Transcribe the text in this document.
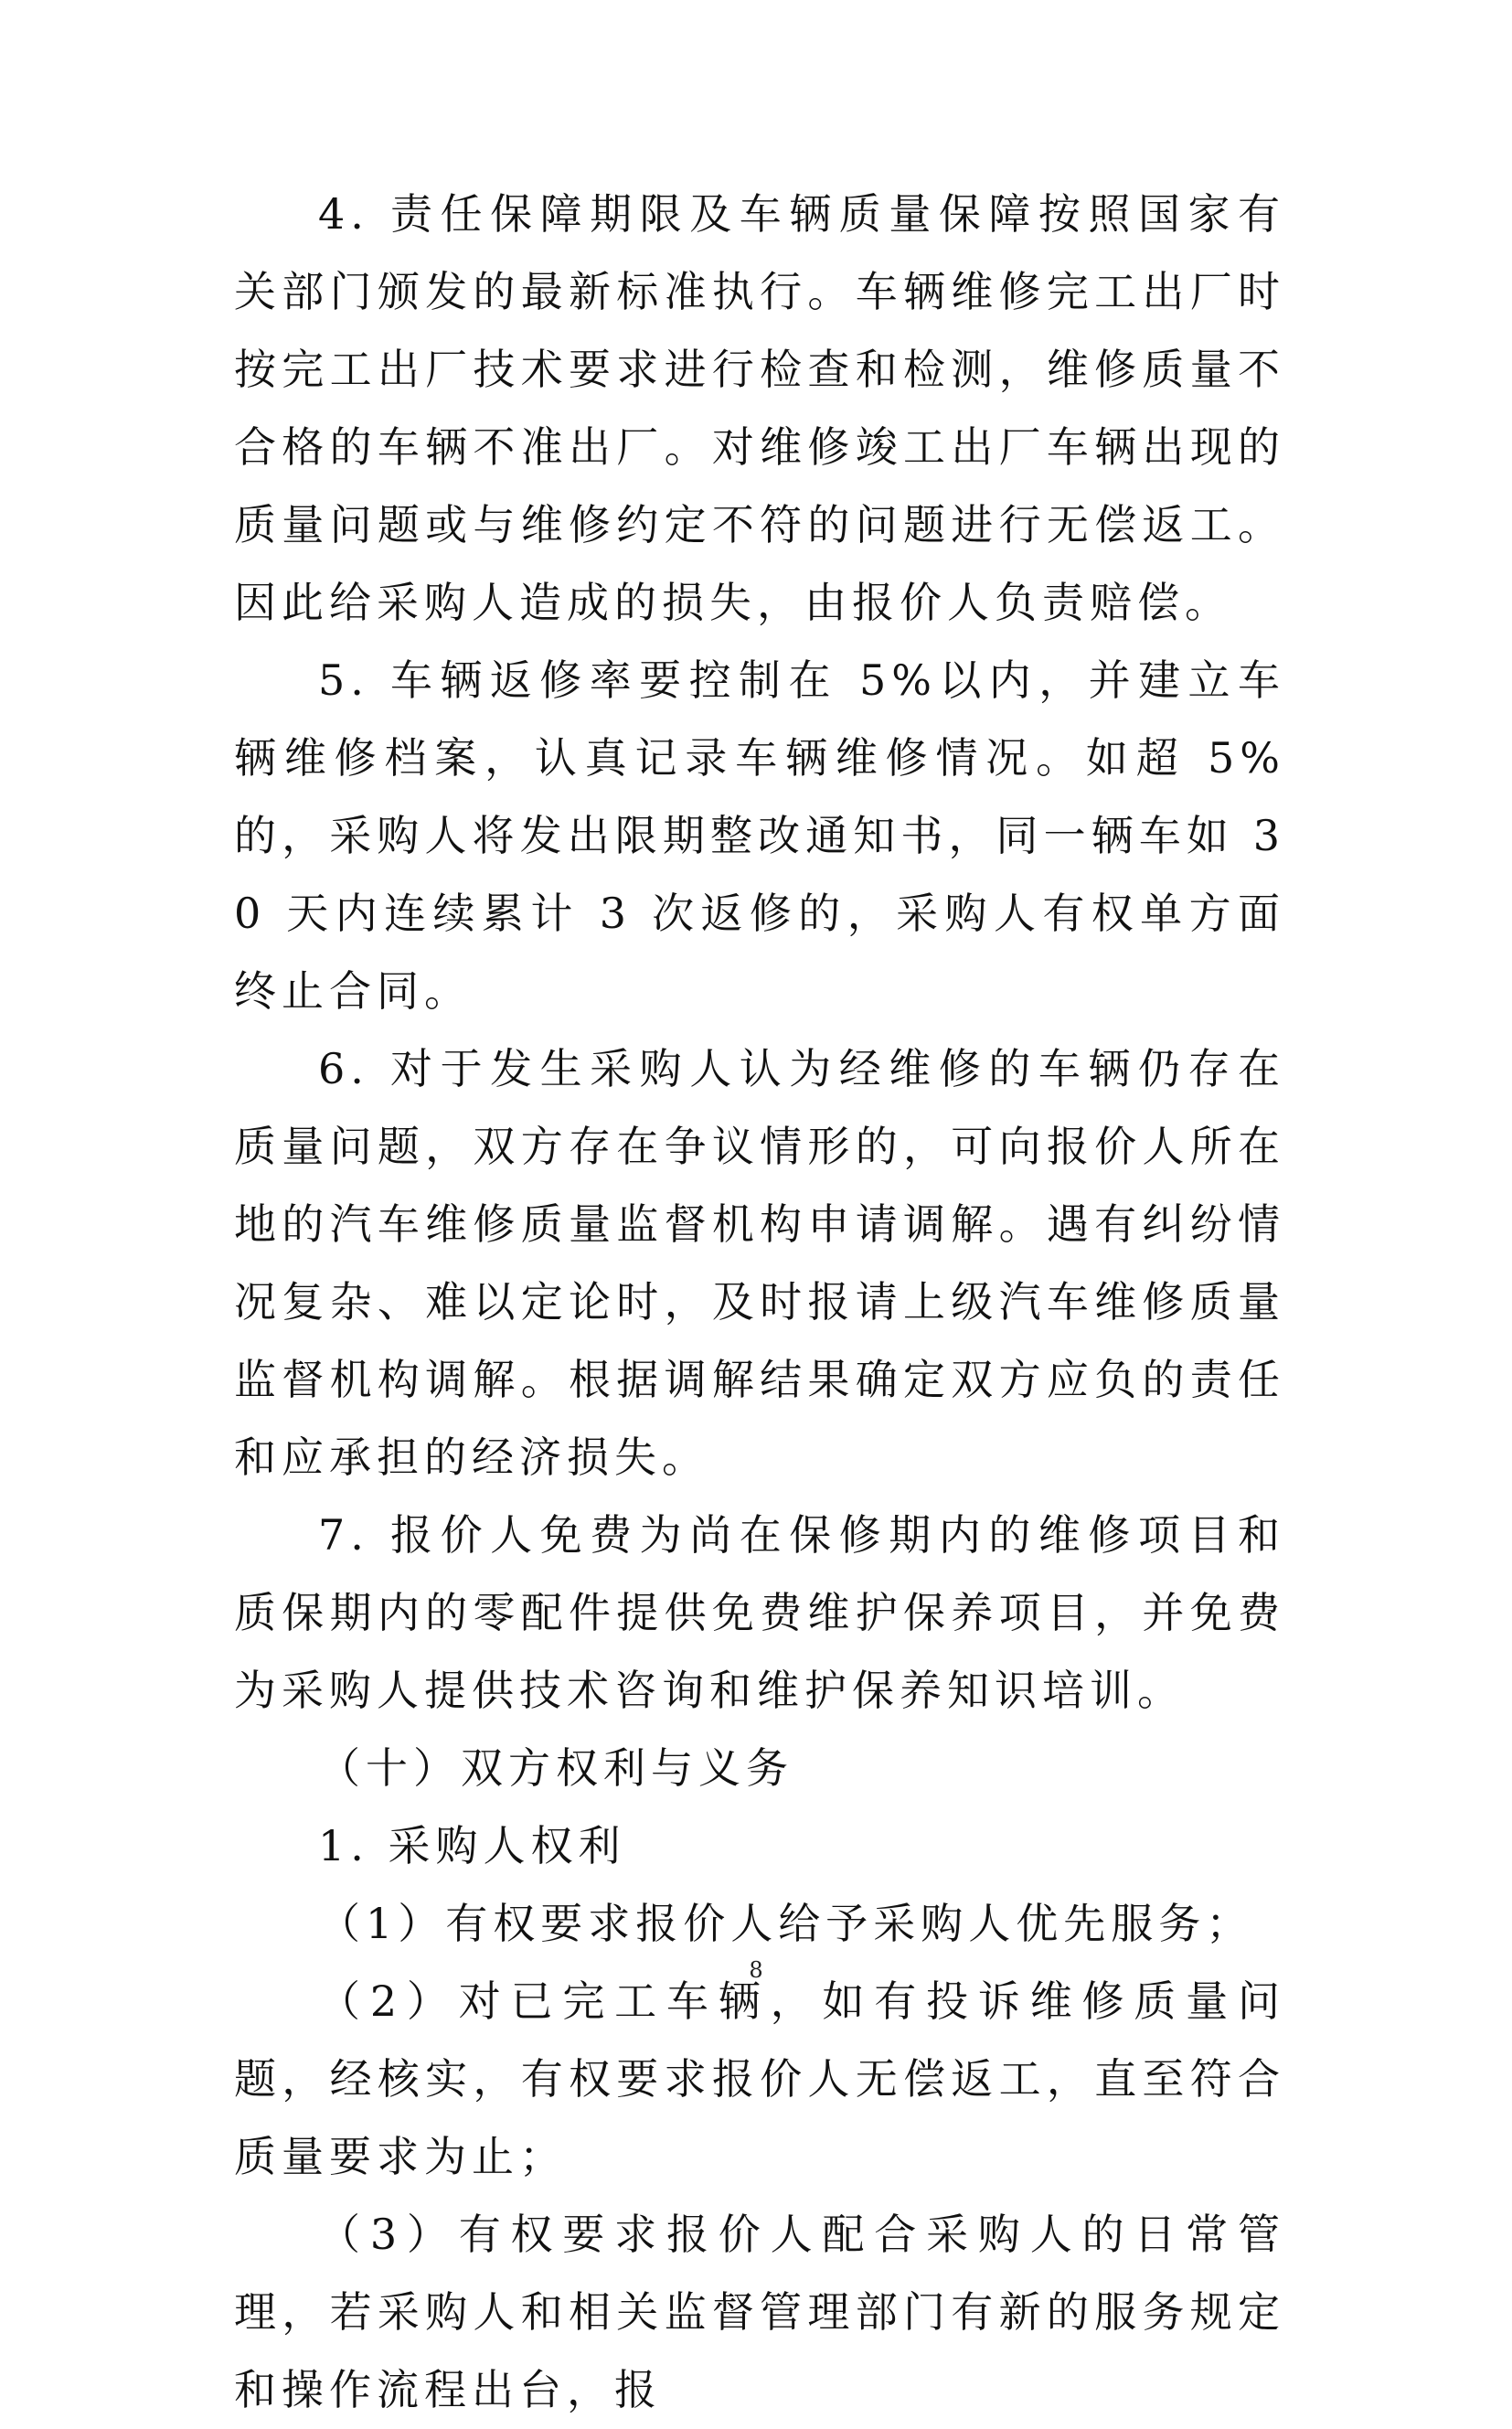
4. 责任保障期限及车辆质量保障按照国家有关部门颁发的最新标准执行。车辆维修完工出厂时按完工出厂技术要求进行检查和检测，维修质量不合格的车辆不准出厂。对维修竣工出厂车辆出现的质量问题或与维修约定不符的问题进行无偿返工。因此给采购人造成的损失，由报价人负责赔偿。

5. 车辆返修率要控制在 5%以内，并建立车辆维修档案，认真记录车辆维修情况。如超 5%的，采购人将发出限期整改通知书，同一辆车如 30 天内连续累计 3 次返修的，采购人有权单方面终止合同。

6. 对于发生采购人认为经维修的车辆仍存在质量问题，双方存在争议情形的，可向报价人所在地的汽车维修质量监督机构申请调解。遇有纠纷情况复杂、难以定论时，及时报请上级汽车维修质量监督机构调解。根据调解结果确定双方应负的责任和应承担的经济损失。

7. 报价人免费为尚在保修期内的维修项目和质保期内的零配件提供免费维护保养项目，并免费为采购人提供技术咨询和维护保养知识培训。

（十）双方权利与义务

1. 采购人权利

（1）有权要求报价人给予采购人优先服务；

（2）对已完工车辆，如有投诉维修质量问题，经核实，有权要求报价人无偿返工，直至符合质量要求为止；

（3）有权要求报价人配合采购人的日常管理，若采购人和相关监督管理部门有新的服务规定和操作流程出台，报

8
